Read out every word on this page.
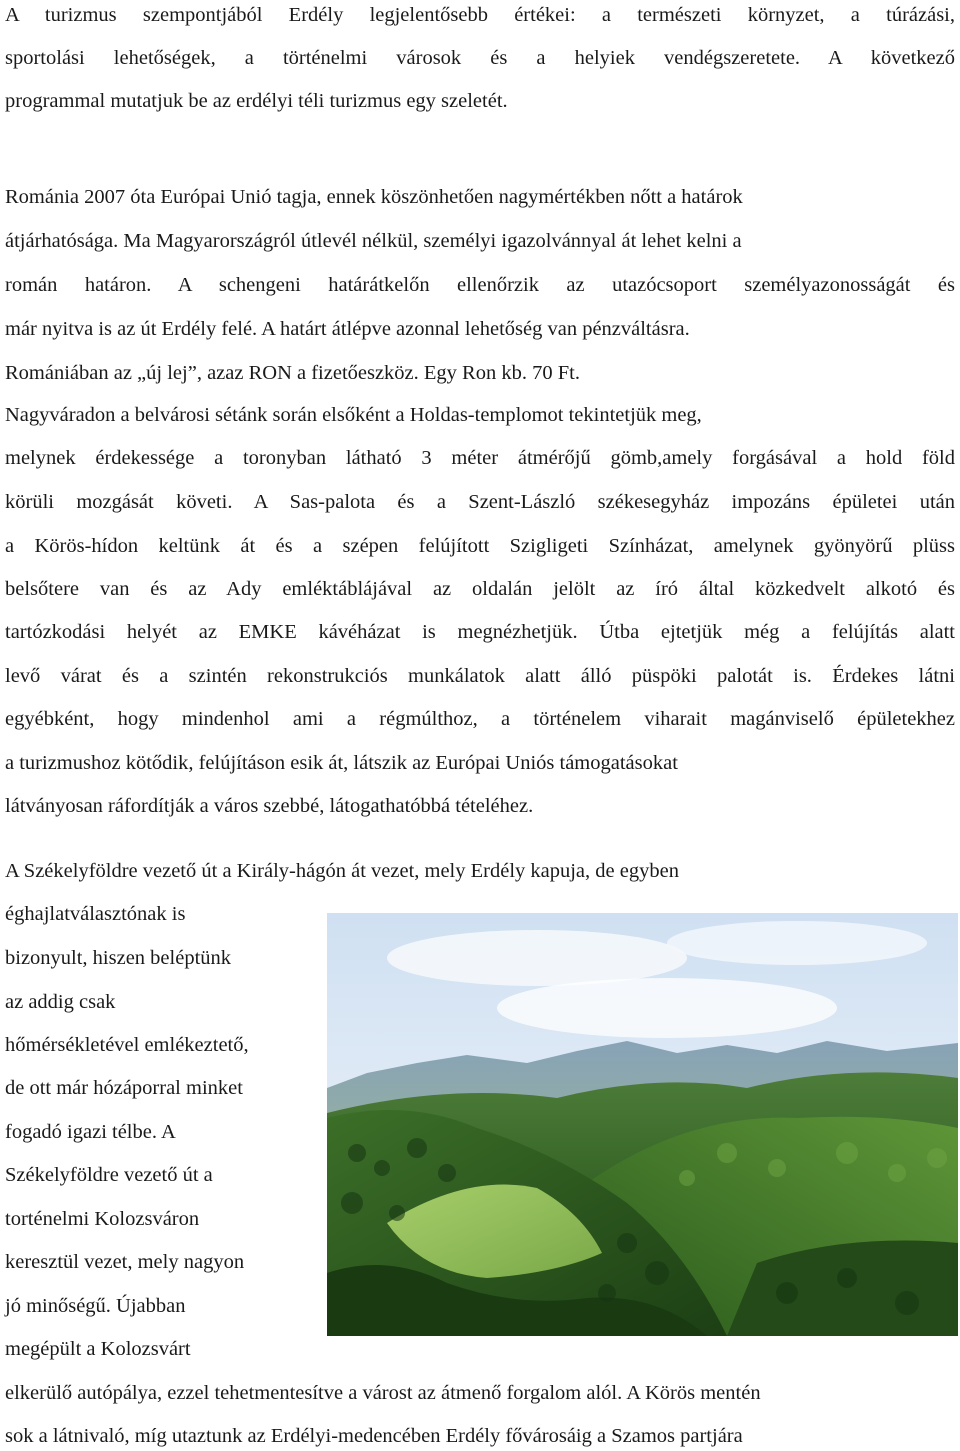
A turizmus szempontjából Erdély legjelentősebb értékei: a természeti környzet, a túrázási,
sportolási lehetőségek, a történelmi városok és a helyiek vendégszeretete. A következő
programmal mutatjuk be az erdélyi téli turizmus egy szeletét.
Románia 2007 óta Európai Unió tagja, ennek köszönhetően nagymértékben nőtt a határok
átjárhatósága. Ma Magyarországról útlevél nélkül, személyi igazolvánnyal át lehet kelni a
román határon. A schengeni határátkelőn ellenőrzik az utazócsoport személyazonosságát és
már nyitva is az út Erdély felé. A határt átlépve azonnal lehetőség van pénzváltásra.
Romániában az „új lej”, azaz RON a fizetőeszköz. Egy Ron kb. 70 Ft.
Nagyváradon a belvárosi sétánk során elsőként a Holdas-templomot tekintetjük meg,
melynek érdekessége a toronyban látható 3 méter átmérőjű gömb,amely forgásával a hold föld
körüli mozgását követi. A Sas-palota és a Szent-László székesegyház impozáns épületei után
a Körös-hídon keltünk át és a szépen felújított Szigligeti Színházat, amelynek gyönyörű plüss
belsőtere van és az Ady emléktáblájával az oldalán jelölt az író által közkedvelt alkotó és
tartózkodási helyét az EMKE kávéházat is megnézhetjük. Útba ejtetjük még a felújítás alatt
levő várat és a szintén rekonstrukciós munkálatok alatt álló püspöki palotát is. Érdekes látni
egyébként, hogy mindenhol ami a régmúlthoz, a történelem viharait magánviselő épületekhez
a turizmushoz kötődik, felújításon esik át, látszik az Európai Uniós támogatásokat
látványosan ráfordítják a város szebbé, látogathatóbbá tételéhez.
A Székelyföldre vezető út a Király-hágón át vezet, mely Erdély kapuja, de egyben
éghajlatválasztónak is
bizonyult, hiszen beléptünk
az addig csak
hőmérsékletével emlékeztető,
de ott már hózáporral minket
fogadó igazi télbe. A
Székelyföldre vezető út a
torténelmi Kolozsváron
keresztül vezet, mely nagyon
jó minőségű. Újabban
megépült a Kolozsvárt
elkerülő autópálya, ezzel tehetmentesítve a várost az átmenő forgalom alól. A Körös mentén
sok a látnivaló, míg utaztunk az Erdélyi-medencében Erdély fővárosáig a Szamos partjára
